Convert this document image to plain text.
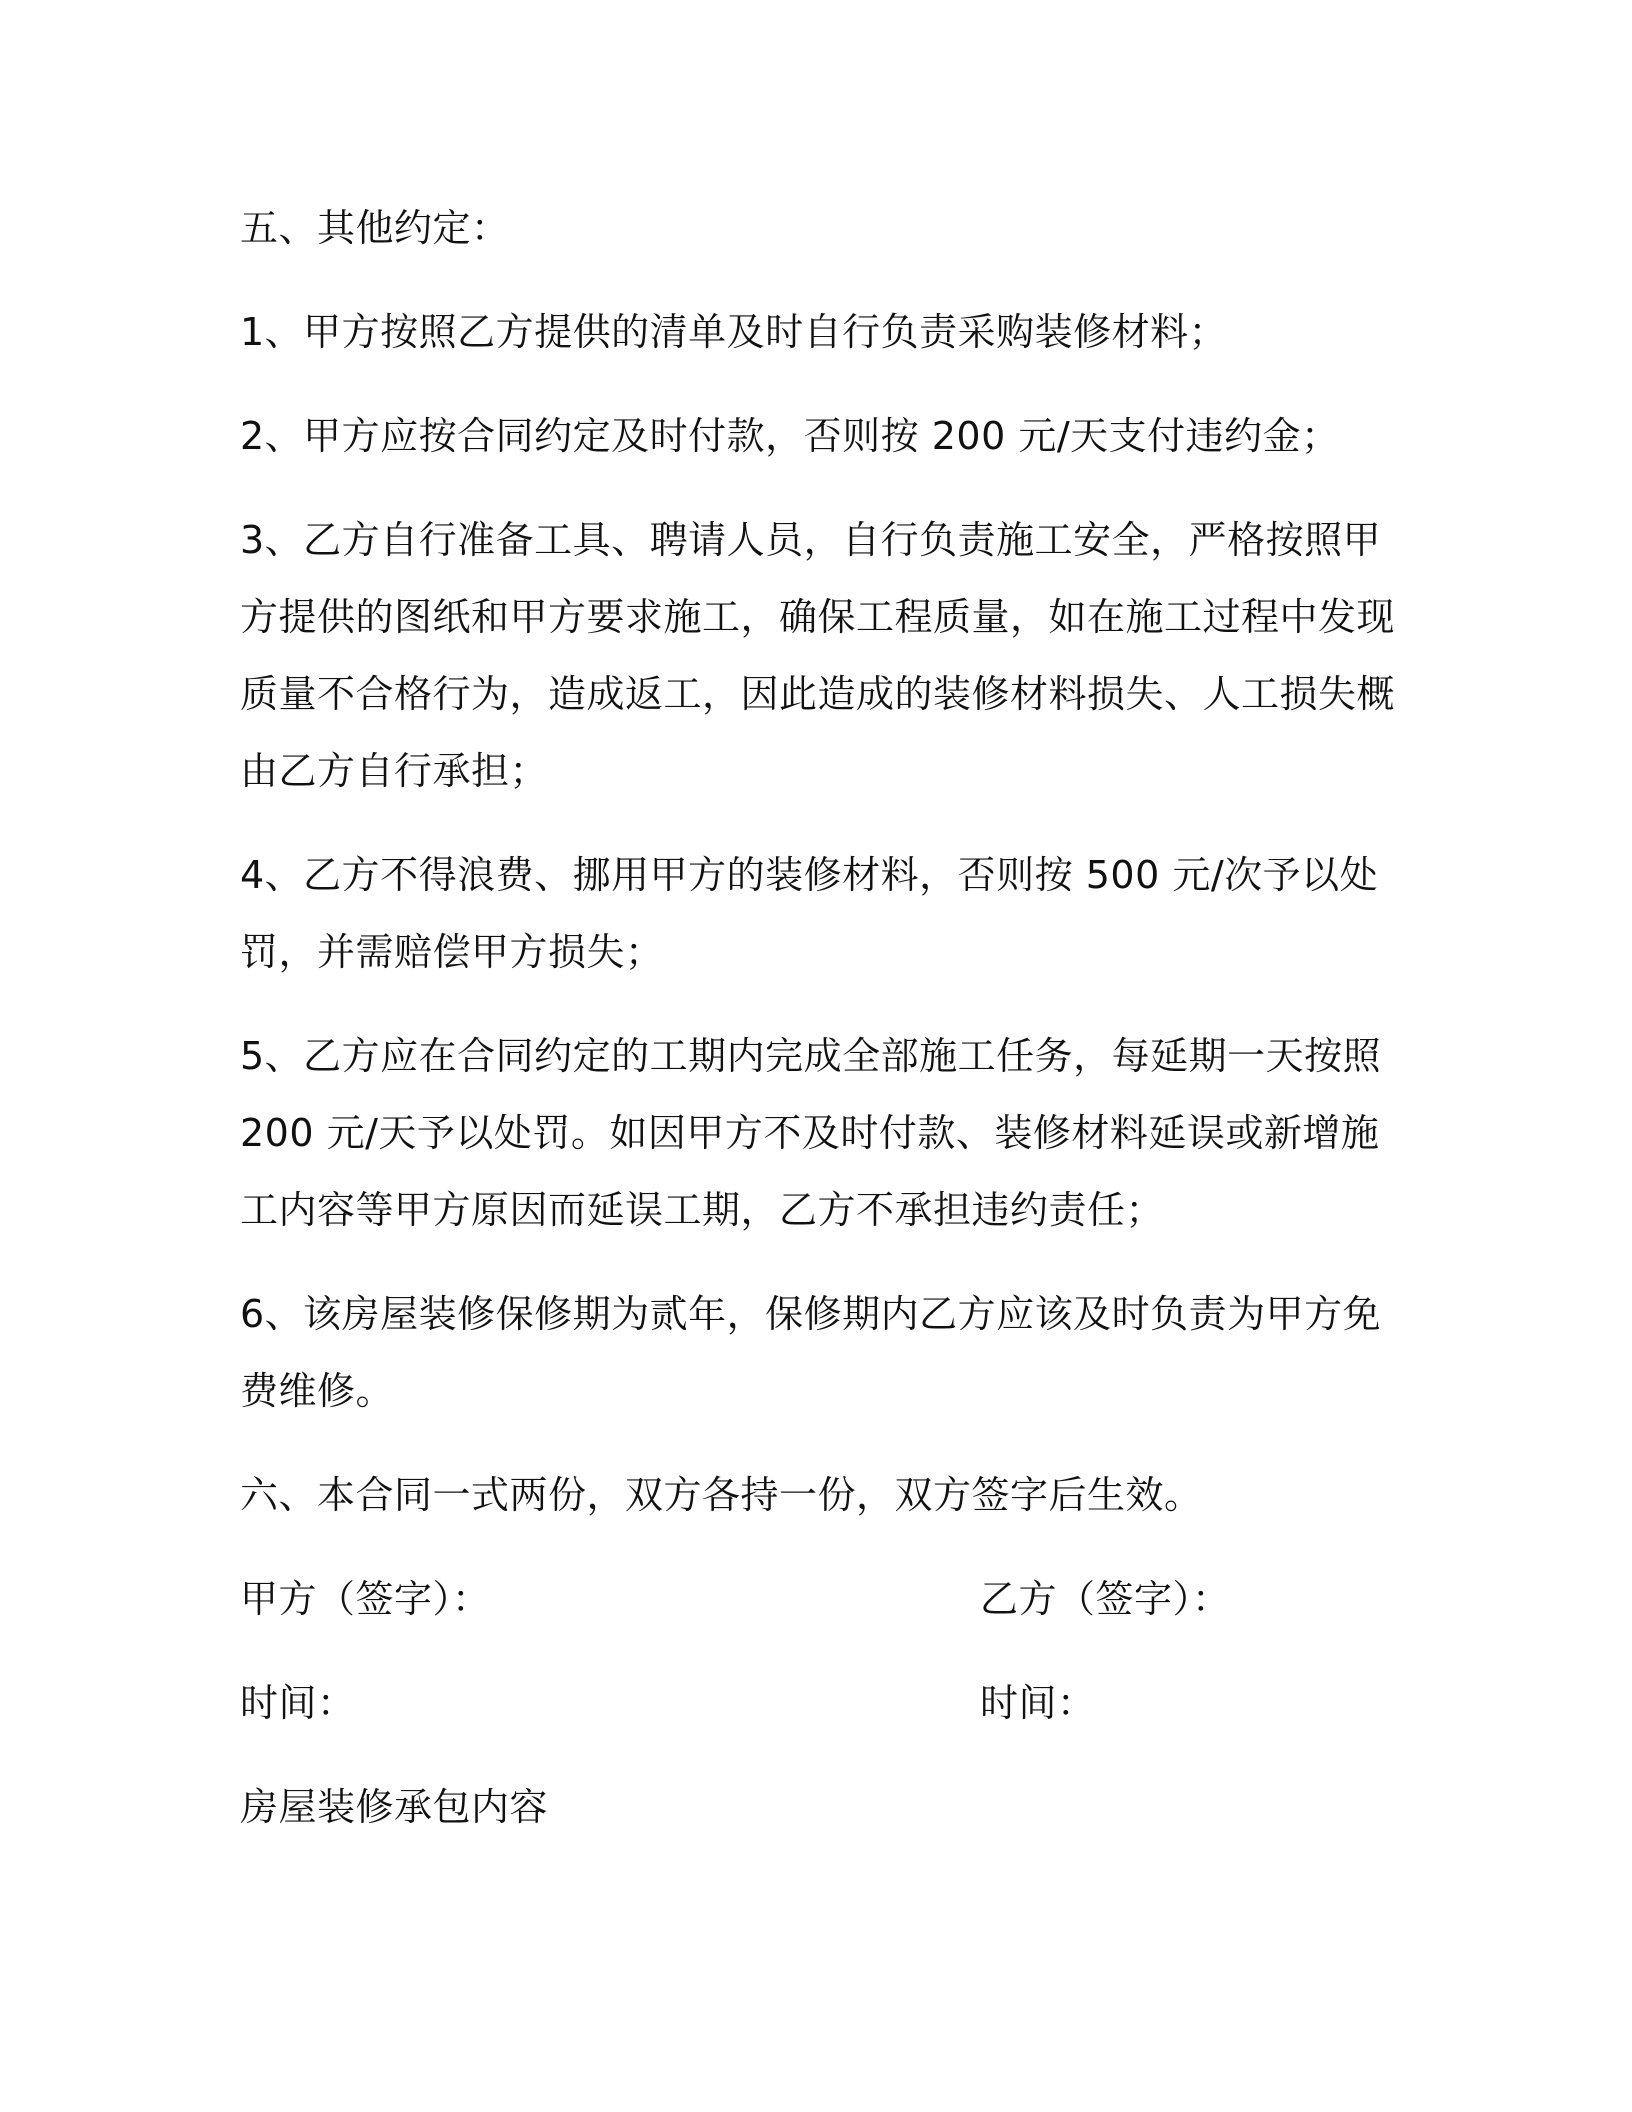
五、其他约定：

1、甲方按照乙方提供的清单及时自行负责采购装修材料；

2、甲方应按合同约定及时付款，否则按 200 元/天支付违约金；

3、乙方自行准备工具、聘请人员，自行负责施工安全，严格按照甲方提供的图纸和甲方要求施工，确保工程质量，如在施工过程中发现质量不合格行为，造成返工，因此造成的装修材料损失、人工损失概由乙方自行承担；

4、乙方不得浪费、挪用甲方的装修材料，否则按 500 元/次予以处罚，并需赔偿甲方损失；

5、乙方应在合同约定的工期内完成全部施工任务，每延期一天按照 200 元/天予以处罚。如因甲方不及时付款、装修材料延误或新增施工内容等甲方原因而延误工期，乙方不承担违约责任；

6、该房屋装修保修期为贰年，保修期内乙方应该及时负责为甲方免费维修。

六、本合同一式两份，双方各持一份，双方签字后生效。

甲方（签字）：	乙方（签字）：
时间：	时间：

房屋装修承包内容
